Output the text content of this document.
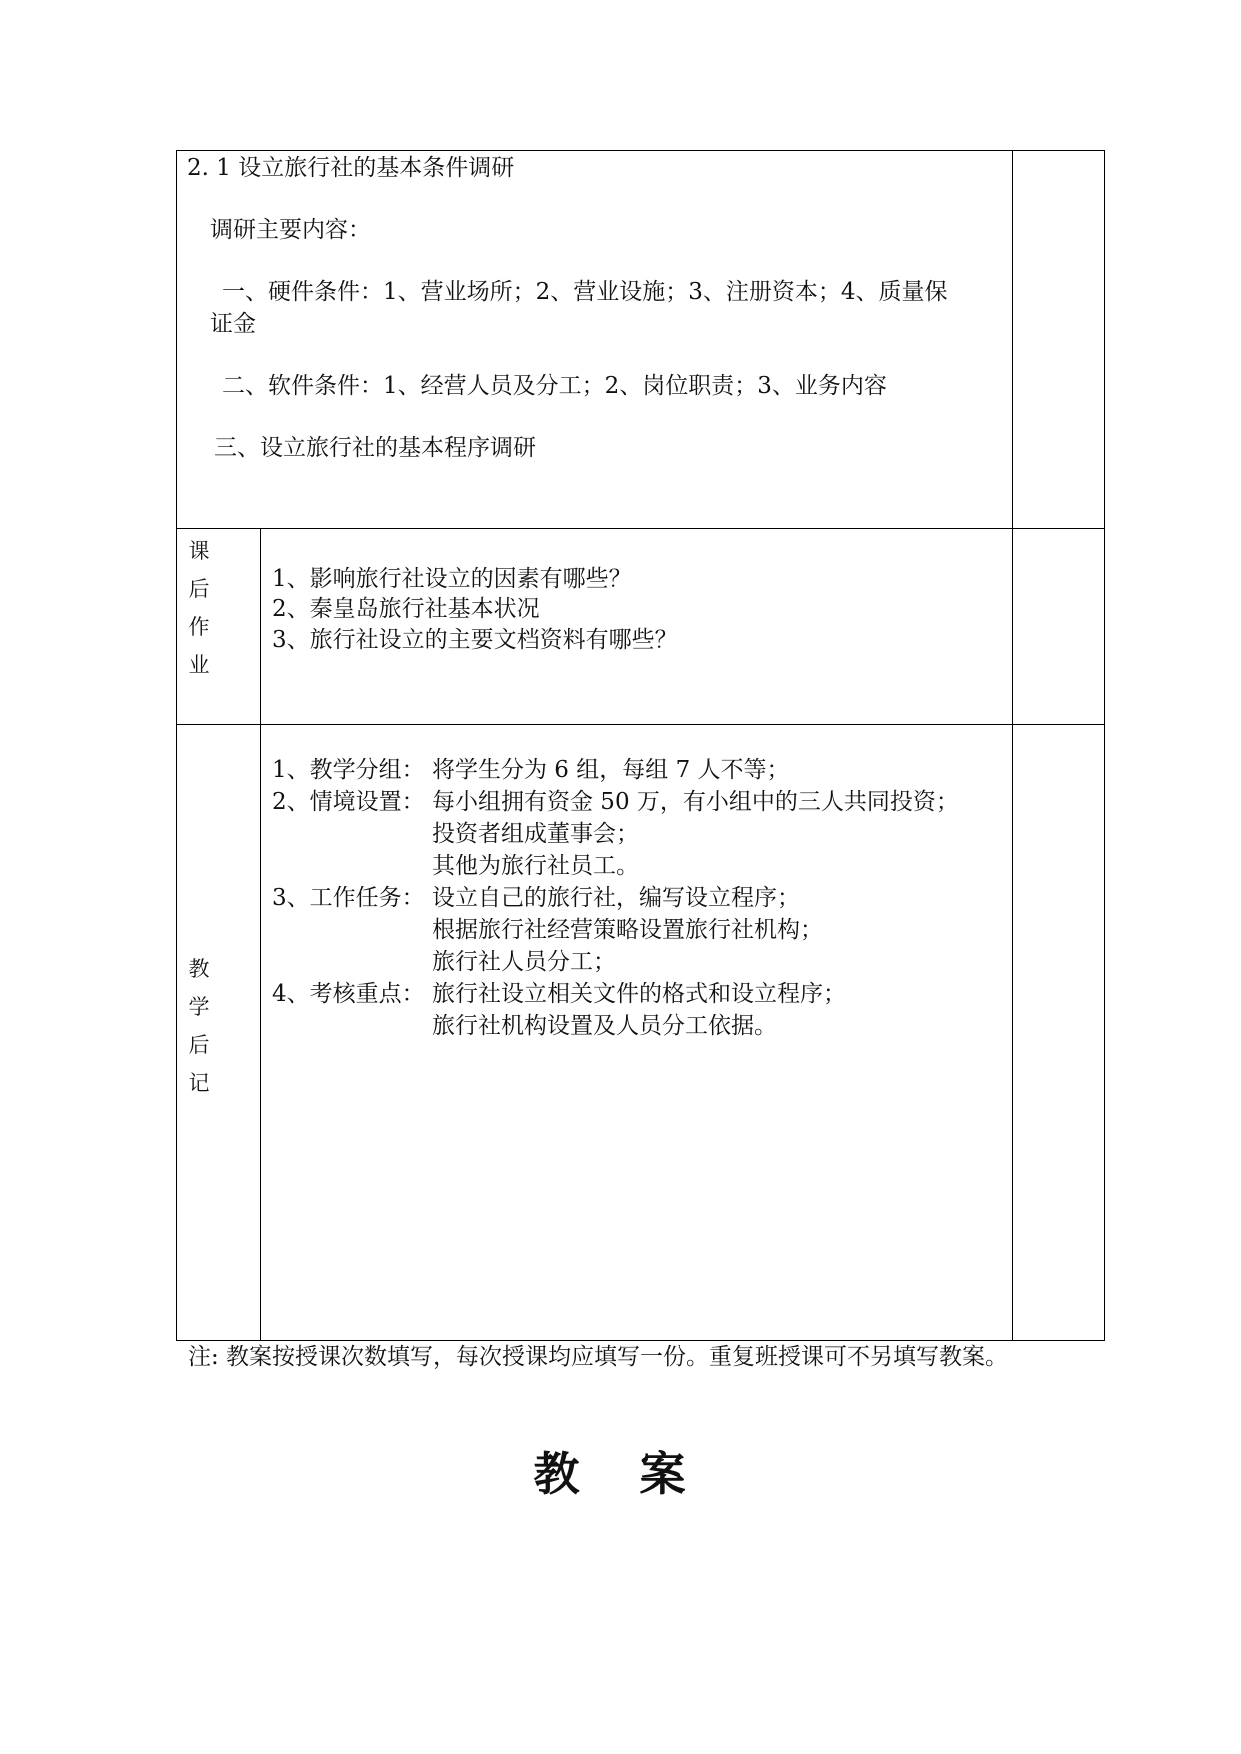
2. 1 设立旅行社的基本条件调研
调研主要内容：
一、硬件条件：1、营业场所；2、营业设施；3、注册资本；4、质量保
证金
二、软件条件：1、经营人员及分工；2、岗位职责；3、业务内容
三、设立旅行社的基本程序调研
课
后
作
业
1、影响旅行社设立的因素有哪些？
2、秦皇岛旅行社基本状况
3、旅行社设立的主要文档资料有哪些？
教
学
后
记
1、教学分组： 将学生分为 6 组，每组 7 人不等；
2、情境设置： 每小组拥有资金 50 万，有小组中的三人共同投资；
投资者组成董事会；
其他为旅行社员工。
3、工作任务： 设立自己的旅行社，编写设立程序；
根据旅行社经营策略设置旅行社机构；
旅行社人员分工；
4、考核重点： 旅行社设立相关文件的格式和设立程序；
旅行社机构设置及人员分工依据。
注: 教案按授课次数填写，每次授课均应填写一份。重复班授课可不另填写教案。
教 案
